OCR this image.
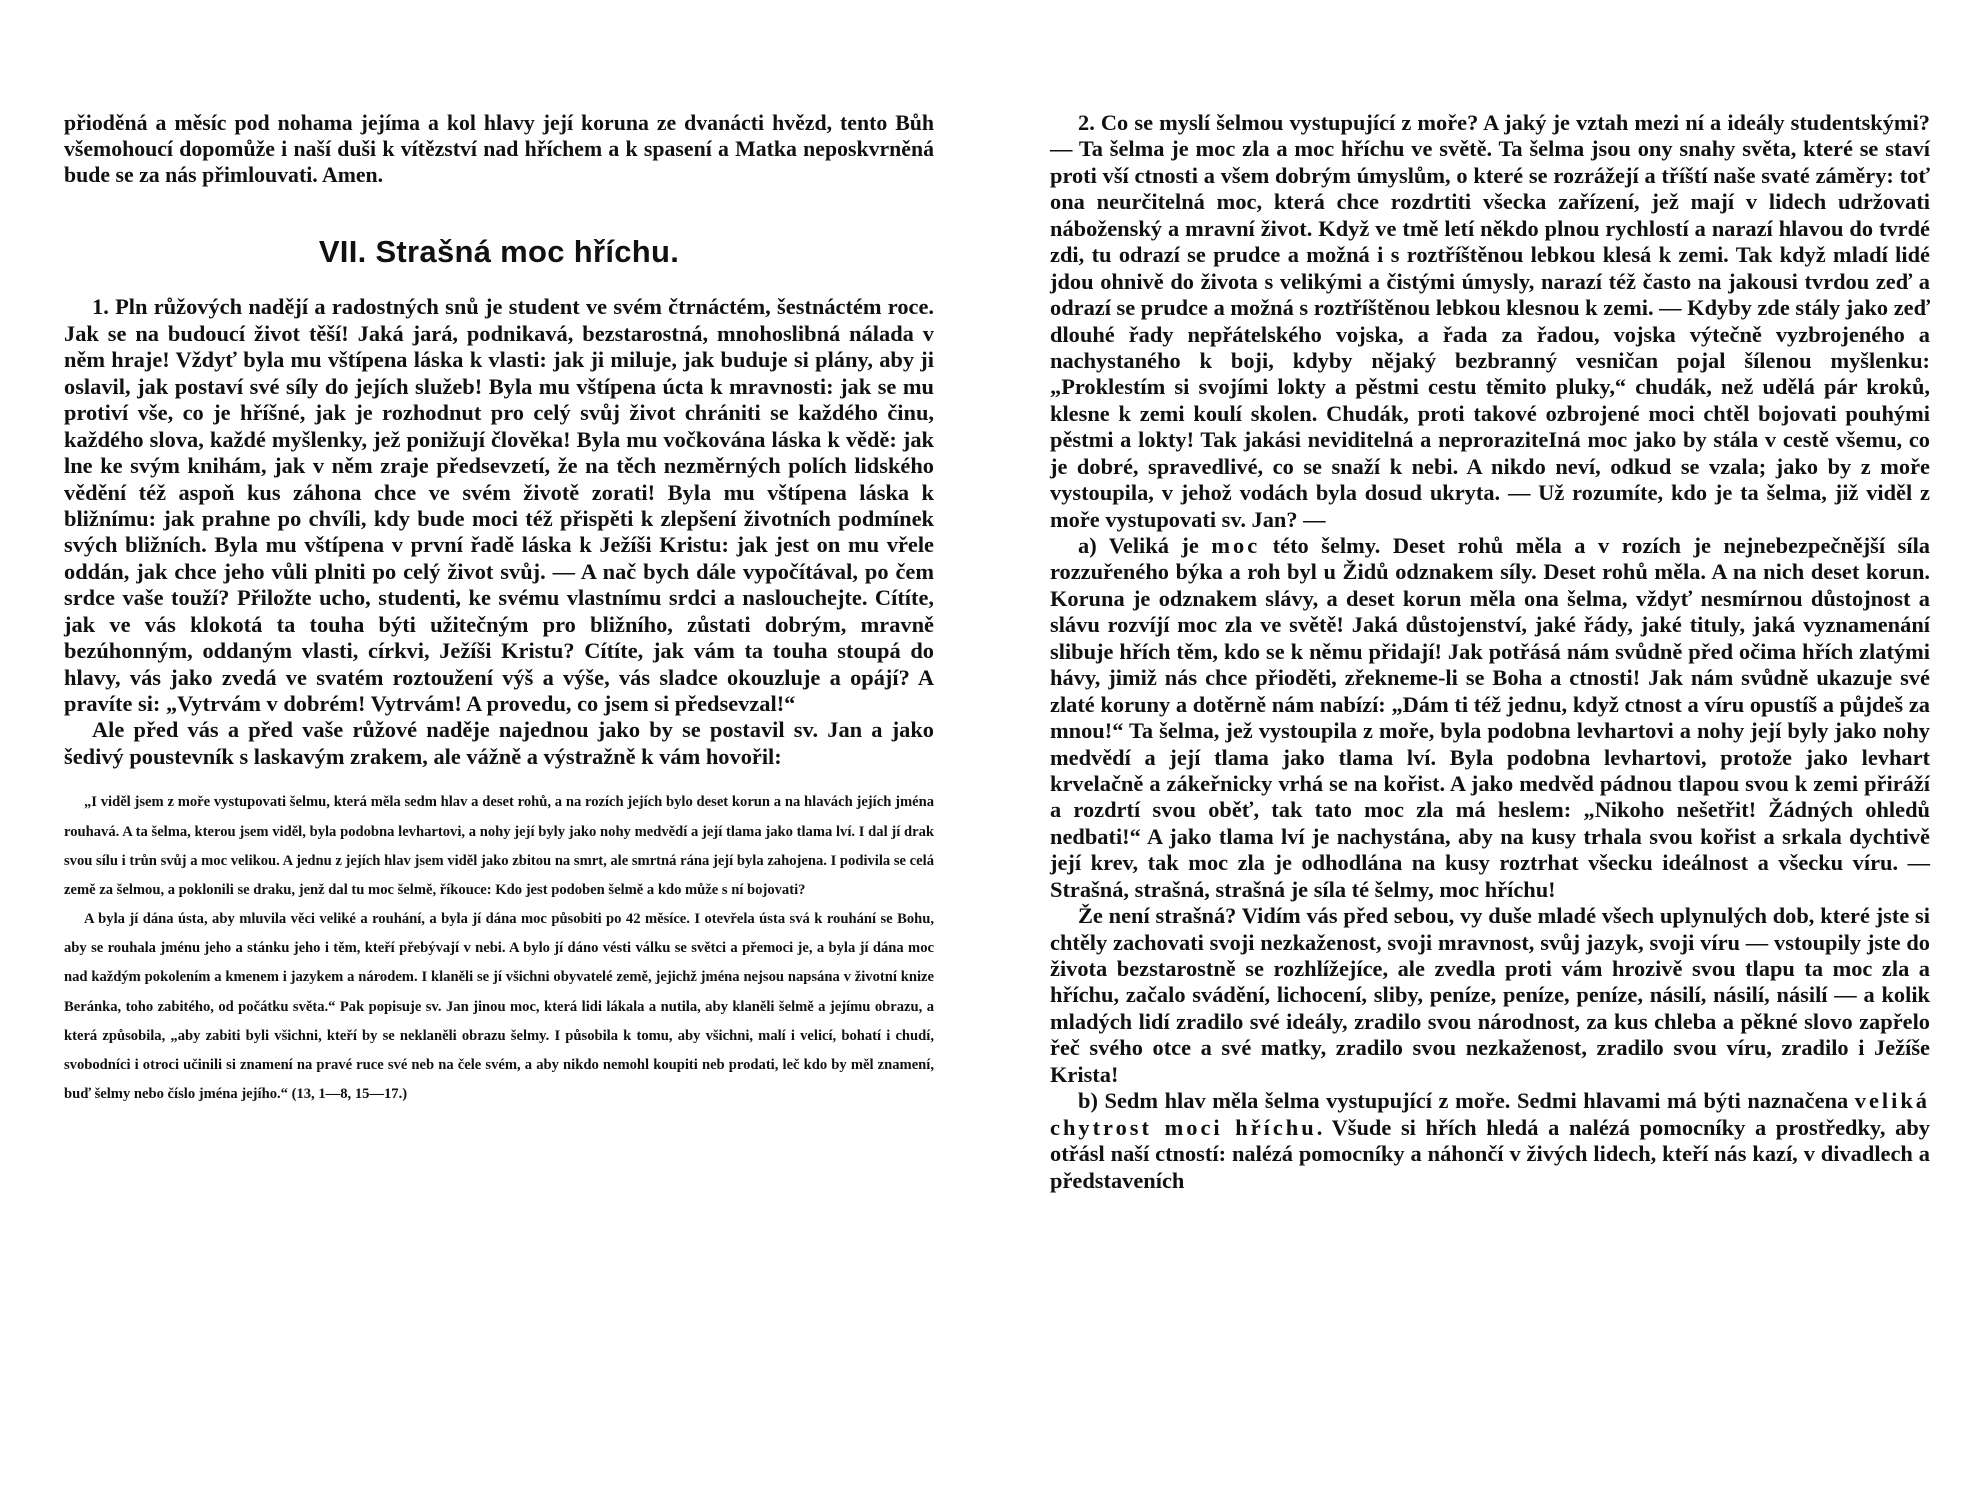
přioděná a měsíc pod nohama jejíma a kol hlavy její koruna ze dvanácti hvězd, tento Bůh všemohoucí dopomůže i naší duši k vítězství nad hříchem a k spasení a Matka neposkvrněná bude se za nás přimlouvati. Amen.

VII. Strašná moc hříchu.

1. Pln růžových nadějí a radostných snů je student ve svém čtrnáctém, šestnáctém roce. Jak se na budoucí život těší! Jaká jará, podnikavá, bezstarostná, mnohoslibná nálada v něm hraje! Vždyť byla mu vštípena láska k vlasti: jak ji miluje, jak buduje si plány, aby ji oslavil, jak postaví své síly do jejích služeb! Byla mu vštípena úcta k mravnosti: jak se mu protiví vše, co je hříšné, jak je rozhodnut pro celý svůj život chrániti se každého činu, každého slova, každé myšlenky, jež ponižují člověka! Byla mu vočkována láska k vědě: jak lne ke svým knihám, jak v něm zraje předsevzetí, že na těch nezměrných polích lidského vědění též aspoň kus záhona chce ve svém životě zorati! Byla mu vštípena láska k bližnímu: jak prahne po chvíli, kdy bude moci též přispěti k zlepšení životních podmínek svých bližních. Byla mu vštípena v první řadě láska k Ježíši Kristu: jak jest on mu vřele oddán, jak chce jeho vůli plniti po celý život svůj. — A nač bych dále vypočítával, po čem srdce vaše touží? Přiložte ucho, studenti, ke svému vlastnímu srdci a naslouchejte. Cítíte, jak ve vás klokotá ta touha býti užitečným pro bližního, zůstati dobrým, mravně bezúhonným, oddaným vlasti, církvi, Ježíši Kristu? Cítíte, jak vám ta touha stoupá do hlavy, vás jako zvedá ve svatém roztoužení výš a výše, vás sladce okouzluje a opájí? A pravíte si: „Vytrvám v dobrém! Vytrvám! A provedu, co jsem si předsevzal!“

Ale před vás a před vaše růžové naděje najednou jako by se postavil sv. Jan a jako šedivý poustevník s laskavým zrakem, ale vážně a výstražně k vám hovořil:

„I viděl jsem z moře vystupovati šelmu, která měla sedm hlav a deset rohů, a na rozích jejích bylo deset korun a na hlavách jejích jména rouhavá. A ta šelma, kterou jsem viděl, byla podobna levhartovi, a nohy její byly jako nohy medvědí a její tlama jako tlama lví. I dal jí drak svou sílu i trůn svůj a moc velikou. A jednu z jejích hlav jsem viděl jako zbitou na smrt, ale smrtná rána její byla zahojena. I podivila se celá země za šelmou, a poklonili se draku, jenž dal tu moc šelmě, říkouce: Kdo jest podoben šelmě a kdo může s ní bojovati?

A byla jí dána ústa, aby mluvila věci veliké a rouhání, a byla jí dána moc působiti po 42 měsíce. I otevřela ústa svá k rouhání se Bohu, aby se rouhala jménu jeho a stánku jeho i těm, kteří přebývají v nebi. A bylo jí dáno vésti válku se světci a přemoci je, a byla jí dána moc nad každým pokolením a kmenem i jazykem a národem. I klaněli se jí všichni obyvatelé země, jejichž jména nejsou napsána v životní knize Beránka, toho zabitého, od počátku světa.“ Pak popisuje sv. Jan jinou moc, která lidi lákala a nutila, aby klaněli šelmě a jejímu obrazu, a která způsobila, „aby zabiti byli všichni, kteří by se neklaněli obrazu šelmy. I působila k tomu, aby všichni, malí i velicí, bohatí i chudí, svobodníci i otroci učinili si znamení na pravé ruce své neb na čele svém, a aby nikdo nemohl koupiti neb prodati, leč kdo by měl znamení, buď šelmy nebo číslo jména jejího.“ (13, 1—8, 15—17.)

2. Co se myslí šelmou vystupující z moře? A jaký je vztah mezi ní a ideály studentskými? — Ta šelma je moc zla a moc hříchu ve světě. Ta šelma jsou ony snahy světa, které se staví proti vší ctnosti a všem dobrým úmyslům, o které se rozrážejí a tříští naše svaté záměry: toť ona neurčitelná moc, která chce rozdrtiti všecka zařízení, jež mají v lidech udržovati náboženský a mravní život. Když ve tmě letí někdo plnou rychlostí a narazí hlavou do tvrdé zdi, tu odrazí se prudce a možná i s roztříštěnou lebkou klesá k zemi. Tak když mladí lidé jdou ohnivě do života s velikými a čistými úmysly, narazí též často na jakousi tvrdou zeď a odrazí se prudce a možná s roztříštěnou lebkou klesnou k zemi. — Kdyby zde stály jako zeď dlouhé řady nepřátelského vojska, a řada za řadou, vojska výtečně vyzbrojeného a nachystaného k boji, kdyby nějaký bezbranný vesničan pojal šílenou myšlenku: „Proklestím si svojími lokty a pěstmi cestu těmito pluky,“ chudák, než udělá pár kroků, klesne k zemi koulí skolen. Chudák, proti takové ozbrojené moci chtěl bojovati pouhými pěstmi a lokty! Tak jakási neviditelná a neproraziteIná moc jako by stála v cestě všemu, co je dobré, spravedlivé, co se snaží k nebi. A nikdo neví, odkud se vzala; jako by z moře vystoupila, v jehož vodách byla dosud ukryta. — Už rozumíte, kdo je ta šelma, již viděl z moře vystupovati sv. Jan? —

a) Veliká je moc této šelmy. Deset rohů měla a v rozích je nejnebezpečnější síla rozzuřeného býka a roh byl u Židů odznakem síly. Deset rohů měla. A na nich deset korun. Koruna je odznakem slávy, a deset korun měla ona šelma, vždyť nesmírnou důstojnost a slávu rozvíjí moc zla ve světě! Jaká důstojenství, jaké řády, jaké tituly, jaká vyznamenání slibuje hřích těm, kdo se k němu přidají! Jak potřásá nám svůdně před očima hřích zlatými hávy, jimiž nás chce přioděti, zřekneme-li se Boha a ctnosti! Jak nám svůdně ukazuje své zlaté koruny a dotěrně nám nabízí: „Dám ti též jednu, když ctnost a víru opustíš a půjdeš za mnou!“ Ta šelma, jež vystoupila z moře, byla podobna levhartovi a nohy její byly jako nohy medvědí a její tlama jako tlama lví. Byla podobna levhartovi, protože jako levhart krvelačně a zákeřnicky vrhá se na kořist. A jako medvěd pádnou tlapou svou k zemi přiráží a rozdrtí svou oběť, tak tato moc zla má heslem: „Nikoho nešetřit! Žádných ohledů nedbati!“ A jako tlama lví je nachystána, aby na kusy trhala svou kořist a srkala dychtivě její krev, tak moc zla je odhodlána na kusy roztrhat všecku ideálnost a všecku víru. — Strašná, strašná, strašná je síla té šelmy, moc hříchu!

Že není strašná? Vidím vás před sebou, vy duše mladé všech uplynulých dob, které jste si chtěly zachovati svoji nezkaženost, svoji mravnost, svůj jazyk, svoji víru — vstoupily jste do života bezstarostně se rozhlížejíce, ale zvedla proti vám hrozivě svou tlapu ta moc zla a hříchu, začalo svádění, lichocení, sliby, peníze, peníze, peníze, násilí, násilí, násilí — a kolik mladých lidí zradilo své ideály, zradilo svou národnost, za kus chleba a pěkné slovo zapřelo řeč svého otce a své matky, zradilo svou nezkaženost, zradilo svou víru, zradilo i Ježíše Krista!

b) Sedm hlav měla šelma vystupující z moře. Sedmi hlavami má býti naznačena veliká chytrost moci hříchu. Všude si hřích hledá a nalézá pomocníky a prostředky, aby otřásl naší ctností: nalézá pomocníky a náhončí v živých lidech, kteří nás kazí, v divadlech a představeních
